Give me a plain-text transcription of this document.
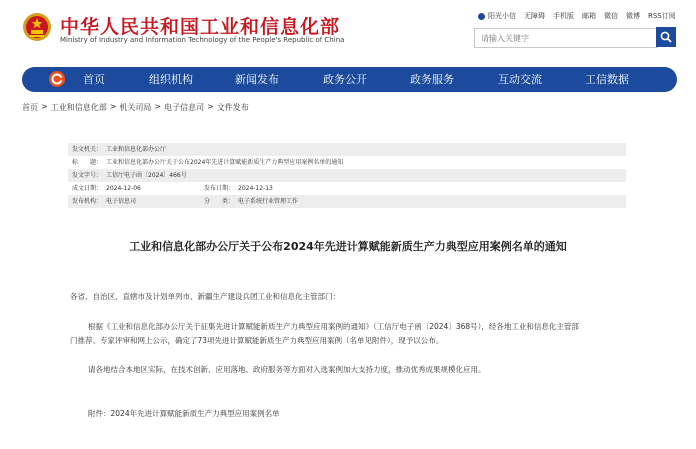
中华人民共和国工业和信息化部
Ministry of Industry and Information Technology of the People's Republic of China
阳光小信 无障碍 手机版 邮箱 微信 微博 RSS订阅
请输入关键字
首页	组织机构	新闻发布	政务公开	政务服务	互动交流	工信数据
首页 > 工业和信息化部 > 机关司局 > 电子信息司 > 文件发布
发文机关： 工业和信息化部办公厅
标　　题： 工业和信息化部办公厅关于公布2024年先进计算赋能新质生产力典型应用案例名单的通知
发文字号： 工信厅电子函〔2024〕466号
成文日期： 2024-12-06	发布日期： 2024-12-13
发布机构： 电子信息司	分　　类： 电子系统行业管理工作
工业和信息化部办公厅关于公布2024年先进计算赋能新质生产力典型应用案例名单的通知
各省、自治区、直辖市及计划单列市、新疆生产建设兵团工业和信息化主管部门：
根据《工业和信息化部办公厅关于征集先进计算赋能新质生产力典型应用案例的通知》（工信厅电子函〔2024〕368号），经各地工业和信息化主管部
门推荐、专家评审和网上公示，确定了73项先进计算赋能新质生产力典型应用案例（名单见附件），现予以公布。
请各地结合本地区实际，在技术创新、应用落地、政府服务等方面对入选案例加大支持力度，推动优秀成果规模化应用。
附件：2024年先进计算赋能新质生产力典型应用案例名单
